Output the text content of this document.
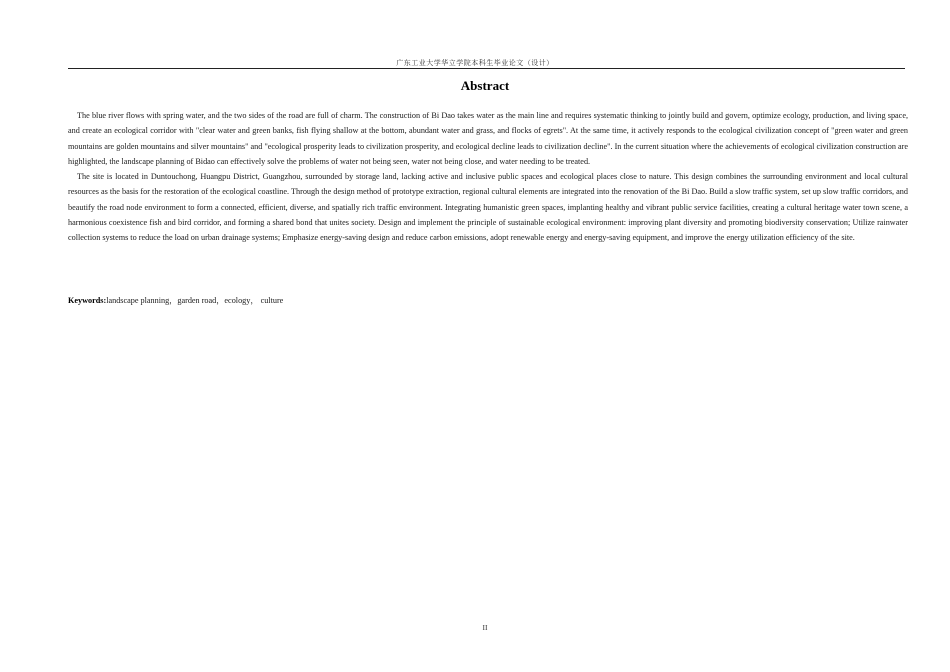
广东工业大学华立学院本科生毕业论文（设计）
Abstract

The blue river flows with spring water, and the two sides of the road are full of charm. The construction of Bi Dao takes water as the main line and requires systematic thinking to jointly build and govern, optimize ecology, production, and living space, and create an ecological corridor with "clear water and green banks, fish flying shallow at the bottom, abundant water and grass, and flocks of egrets". At the same time, it actively responds to the ecological civilization concept of "green water and green mountains are golden mountains and silver mountains" and "ecological prosperity leads to civilization prosperity, and ecological decline leads to civilization decline". In the current situation where the achievements of ecological civilization construction are highlighted, the landscape planning of Bidao can effectively solve the problems of water not being seen, water not being close, and water needing to be treated.

The site is located in Duntouchong, Huangpu District, Guangzhou, surrounded by storage land, lacking active and inclusive public spaces and ecological places close to nature. This design combines the surrounding environment and local cultural resources as the basis for the restoration of the ecological coastline. Through the design method of prototype extraction, regional cultural elements are integrated into the renovation of the Bi Dao. Build a slow traffic system, set up slow traffic corridors, and beautify the road node environment to form a connected, efficient, diverse, and spatially rich traffic environment. Integrating humanistic green spaces, implanting healthy and vibrant public service facilities, creating a cultural heritage water town scene, a harmonious coexistence fish and bird corridor, and forming a shared bond that unites society. Design and implement the principle of sustainable ecological environment: improving plant diversity and promoting biodiversity conservation; Utilize rainwater collection systems to reduce the load on urban drainage systems; Emphasize energy-saving design and reduce carbon emissions, adopt renewable energy and energy-saving equipment, and improve the energy utilization efficiency of the site.

Keywords:landscape planning，garden road，ecology， culture
II
